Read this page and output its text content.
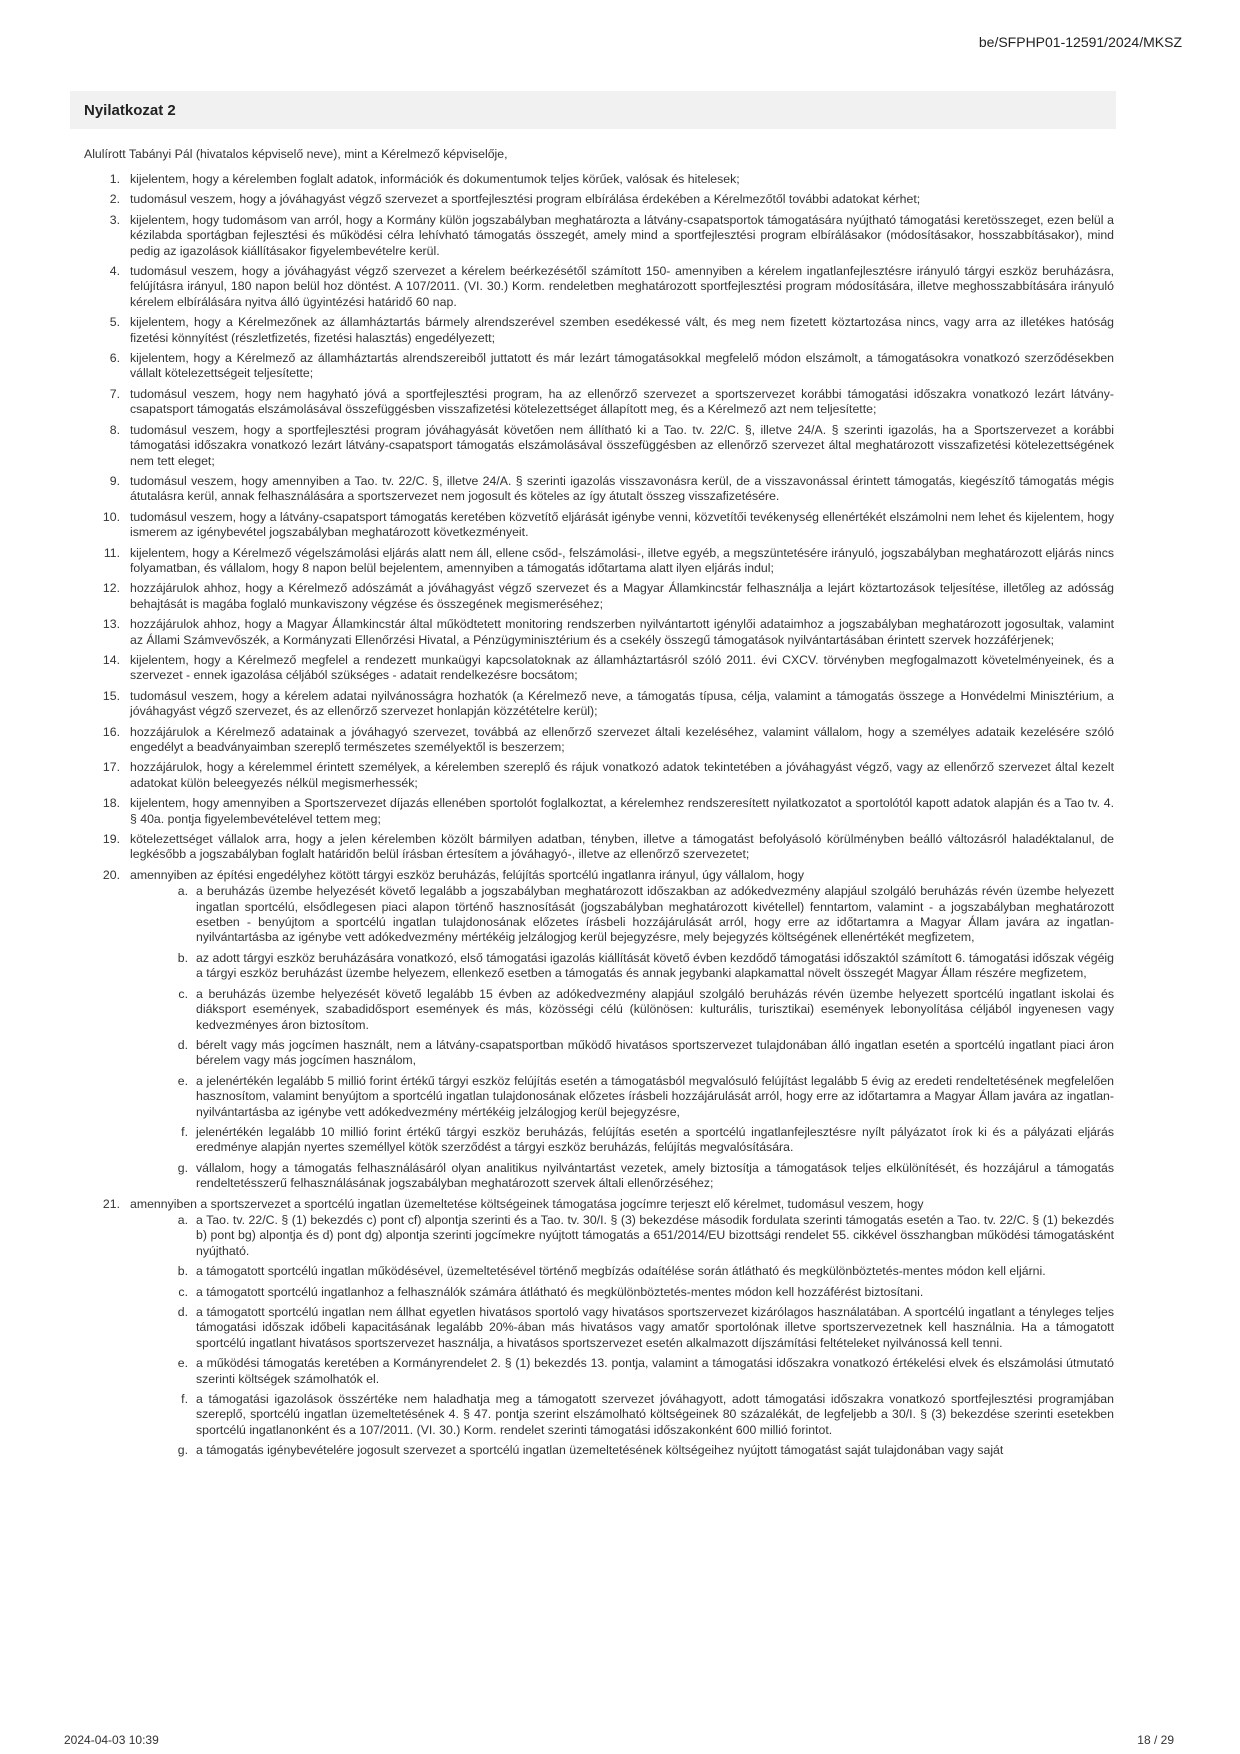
be/SFPHP01-12591/2024/MKSZ
Nyilatkozat 2
Alulírott Tabányi Pál (hivatalos képviselő neve), mint a Kérelmező képviselője,
1. kijelentem, hogy a kérelemben foglalt adatok, információk és dokumentumok teljes körűek, valósak és hitelesek;
2. tudomásul veszem, hogy a jóváhagyást végző szervezet a sportfejlesztési program elbírálása érdekében a Kérelmezőtől további adatokat kérhet;
3. kijelentem, hogy tudomásom van arról, hogy a Kormány külön jogszabályban meghatározta a látvány-csapatsportok támogatására nyújtható támogatási keretösszeget, ezen belül a kézilabda sportágban fejlesztési és működési célra lehívható támogatás összegét, amely mind a sportfejlesztési program elbírálásakor (módosításakor, hosszabbításakor), mind pedig az igazolások kiállításakor figyelembevételre kerül.
4. tudomásul veszem, hogy a jóváhagyást végző szervezet a kérelem beérkezésétől számított 150- amennyiben a kérelem ingatlanfejlesztésre irányuló tárgyi eszköz beruházásra, felújításra irányul, 180 napon belül hoz döntést. A 107/2011. (VI. 30.) Korm. rendeletben meghatározott sportfejlesztési program módosítására, illetve meghosszabbítására irányuló kérelem elbírálására nyitva álló ügyintézési határidő 60 nap.
5. kijelentem, hogy a Kérelmezőnek az államháztartás bármely alrendszerével szemben esedékessé vált, és meg nem fizetett köztartozása nincs, vagy arra az illetékes hatóság fizetési könnyítést (részletfizetés, fizetési halasztás) engedélyezett;
6. kijelentem, hogy a Kérelmező az államháztartás alrendszereiből juttatott és már lezárt támogatásokkal megfelelő módon elszámolt, a támogatásokra vonatkozó szerződésekben vállalt kötelezettségeit teljesítette;
7. tudomásul veszem, hogy nem hagyható jóvá a sportfejlesztési program, ha az ellenőrző szervezet a sportszervezet korábbi támogatási időszakra vonatkozó lezárt látvány-csapatsport támogatás elszámolásával összefüggésben visszafizetési kötelezettséget állapított meg, és a Kérelmező azt nem teljesítette;
8. tudomásul veszem, hogy a sportfejlesztési program jóváhagyását követően nem állítható ki a Tao. tv. 22/C. §, illetve 24/A. § szerinti igazolás, ha a Sportszervezet a korábbi támogatási időszakra vonatkozó lezárt látvány-csapatsport támogatás elszámolásával összefüggésben az ellenőrző szervezet által meghatározott visszafizetési kötelezettségének nem tett eleget;
9. tudomásul veszem, hogy amennyiben a Tao. tv. 22/C. §, illetve 24/A. § szerinti igazolás visszavonásra kerül, de a visszavonással érintett támogatás, kiegészítő támogatás mégis átutalásra kerül, annak felhasználására a sportszervezet nem jogosult és köteles az így átutalt összeg visszafizetésére.
10. tudomásul veszem, hogy a látvány-csapatsport támogatás keretében közvetítő eljárását igénybe venni, közvetítői tevékenység ellenértékét elszámolni nem lehet és kijelentem, hogy ismerem az igénybevétel jogszabályban meghatározott következményeit.
11. kijelentem, hogy a Kérelmező végelszámolási eljárás alatt nem áll, ellene csőd-, felszámolási-, illetve egyéb, a megszüntetésére irányuló, jogszabályban meghatározott eljárás nincs folyamatban, és vállalom, hogy 8 napon belül bejelentem, amennyiben a támogatás időtartama alatt ilyen eljárás indul;
12. hozzájárulok ahhoz, hogy a Kérelmező adószámát a jóváhagyást végző szervezet és a Magyar Államkincstár felhasználja a lejárt köztartozások teljesítése, illetőleg az adósság behajtását is magába foglaló munkaviszony végzése és összegének megismeréséhez;
13. hozzájárulok ahhoz, hogy a Magyar Államkincstár által működtetett monitoring rendszerben nyilvántartott igénylői adataimhoz a jogszabályban meghatározott jogosultak, valamint az Állami Számvevőszék, a Kormányzati Ellenőrzési Hivatal, a Pénzügyminisztérium és a csekély összegű támogatások nyilvántartásában érintett szervek hozzáférjenek;
14. kijelentem, hogy a Kérelmező megfelel a rendezett munkaügyi kapcsolatoknak az államháztartásról szóló 2011. évi CXCV. törvényben megfogalmazott követelményeinek, és a szervezet - ennek igazolása céljából szükséges - adatait rendelkezésre bocsátom;
15. tudomásul veszem, hogy a kérelem adatai nyilvánosságra hozhatók (a Kérelmező neve, a támogatás típusa, célja, valamint a támogatás összege a Honvédelmi Minisztérium, a jóváhagyást végző szervezet, és az ellenőrző szervezet honlapján közzétételre kerül);
16. hozzájárulok a Kérelmező adatainak a jóváhagyó szervezet, továbbá az ellenőrző szervezet általi kezeléséhez, valamint vállalom, hogy a személyes adataik kezelésére szóló engedélyt a beadványaimban szereplő természetes személyektől is beszerzem;
17. hozzájárulok, hogy a kérelemmel érintett személyek, a kérelemben szereplő és rájuk vonatkozó adatok tekintetében a jóváhagyást végző, vagy az ellenőrző szervezet által kezelt adatokat külön beleegyezés nélkül megismerhessék;
18. kijelentem, hogy amennyiben a Sportszervezet díjazás ellenében sportolót foglalkoztat, a kérelemhez rendszeresített nyilatkozatot a sportolótól kapott adatok alapján és a Tao tv. 4. § 40a. pontja figyelembevételével tettem meg;
19. kötelezettséget vállalok arra, hogy a jelen kérelemben közölt bármilyen adatban, tényben, illetve a támogatást befolyásoló körülményben beálló változásról haladéktalanul, de legkésőbb a jogszabályban foglalt határidőn belül írásban értesítem a jóváhagyó-, illetve az ellenőrző szervezetet;
20. amennyiben az építési engedélyhez kötött tárgyi eszköz beruházás, felújítás sportcélú ingatlanra irányul, úgy vállalom, hogy
a. a beruházás üzembe helyezését követő legalább a jogszabályban meghatározott időszakban az adókedvezmény alapjául szolgáló beruházás révén üzembe helyezett ingatlan sportcélú, elsődlegesen piaci alapon történő hasznosítását (jogszabályban meghatározott kivétellel) fenntartom, valamint - a jogszabályban meghatározott esetben - benyújtom a sportcélú ingatlan tulajdonosának előzetes írásbeli hozzájárulását arról, hogy erre az időtartamra a Magyar Állam javára az ingatlan-nyilvántartásba az igénybe vett adókedvezmény mértékéig jelzálogjog kerül bejegyzésre, mely bejegyzés költségének ellenértékét megfizetem,
b. az adott tárgyi eszköz beruházására vonatkozó, első támogatási igazolás kiállítását követő évben kezdődő támogatási időszaktól számított 6. támogatási időszak végéig a tárgyi eszköz beruházást üzembe helyezem, ellenkező esetben a támogatás és annak jegybanki alapkamattal növelt összegét Magyar Állam részére megfizetem,
c. a beruházás üzembe helyezését követő legalább 15 évben az adókedvezmény alapjául szolgáló beruházás révén üzembe helyezett sportcélú ingatlant iskolai és diáksport események, szabadidősport események és más, közösségi célú (különösen: kulturális, turisztikai) események lebonyolítása céljából ingyenesen vagy kedvezményes áron biztosítom.
d. bérelt vagy más jogcímen használt, nem a látvány-csapatsportban működő hivatásos sportszervezet tulajdonában álló ingatlan esetén a sportcélú ingatlant piaci áron bérelem vagy más jogcímen használom,
e. a jelenértékén legalább 5 millió forint értékű tárgyi eszköz felújítás esetén a támogatásból megvalósuló felújítást legalább 5 évig az eredeti rendeltetésének megfelelően hasznosítom, valamint benyújtom a sportcélú ingatlan tulajdonosának előzetes írásbeli hozzájárulását arról, hogy erre az időtartamra a Magyar Állam javára az ingatlan-nyilvántartásba az igénybe vett adókedvezmény mértékéig jelzálogjog kerül bejegyzésre,
f. jelenértékén legalább 10 millió forint értékű tárgyi eszköz beruházás, felújítás esetén a sportcélú ingatlanfejlesztésre nyílt pályázatot írok ki és a pályázati eljárás eredménye alapján nyertes személlyel kötök szerződést a tárgyi eszköz beruházás, felújítás megvalósítására.
g. vállalom, hogy a támogatás felhasználásáról olyan analitikus nyilvántartást vezetek, amely biztosítja a támogatások teljes elkülönítését, és hozzájárul a támogatás rendeltetésszerű felhasználásának jogszabályban meghatározott szervek általi ellenőrzéséhez;
21. amennyiben a sportszervezet a sportcélú ingatlan üzemeltetése költségeinek támogatása jogcímre terjeszt elő kérelmet, tudomásul veszem, hogy
a. a Tao. tv. 22/C. § (1) bekezdés c) pont cf) alpontja szerinti és a Tao. tv. 30/I. § (3) bekezdése második fordulata szerinti támogatás esetén a Tao. tv. 22/C. § (1) bekezdés b) pont bg) alpontja és d) pont dg) alpontja szerinti jogcímekre nyújtott támogatás a 651/2014/EU bizottsági rendelet 55. cikkével összhangban működési támogatásként nyújtható.
b. a támogatott sportcélú ingatlan működésével, üzemeltetésével történő megbízás odaítélése során átlátható és megkülönböztetés-mentes módon kell eljárni.
c. a támogatott sportcélú ingatlanhoz a felhasználók számára átlátható és megkülönböztetés-mentes módon kell hozzáférést biztosítani.
d. a támogatott sportcélú ingatlan nem állhat egyetlen hivatásos sportoló vagy hivatásos sportszervezet kizárólagos használatában. A sportcélú ingatlant a tényleges teljes támogatási időszak időbeli kapacitásának legalább 20%-ában más hivatásos vagy amatőr sportolónak illetve sportszervezetnek kell használnia. Ha a támogatott sportcélú ingatlant hivatásos sportszervezet használja, a hivatásos sportszervezet esetén alkalmazott díjszámítási feltételeket nyilvánossá kell tenni.
e. a működési támogatás keretében a Kormányrendelet 2. § (1) bekezdés 13. pontja, valamint a támogatási időszakra vonatkozó értékelési elvek és elszámolási útmutató szerinti költségek számolhatók el.
f. a támogatási igazolások összértéke nem haladhatja meg a támogatott szervezet jóváhagyott, adott támogatási időszakra vonatkozó sportfejlesztési programjában szereplő, sportcélú ingatlan üzemeltetésének 4. § 47. pontja szerint elszámolható költségeinek 80 százalékát, de legfeljebb a 30/I. § (3) bekezdése szerinti esetekben sportcélú ingatlanonként és a 107/2011. (VI. 30.) Korm. rendelet szerinti támogatási időszakonként 600 millió forintot.
g. a támogatás igénybevételére jogosult szervezet a sportcélú ingatlan üzemeltetésének költségeihez nyújtott támogatást saját tulajdonában vagy saját
2024-04-03 10:39	18 / 29
